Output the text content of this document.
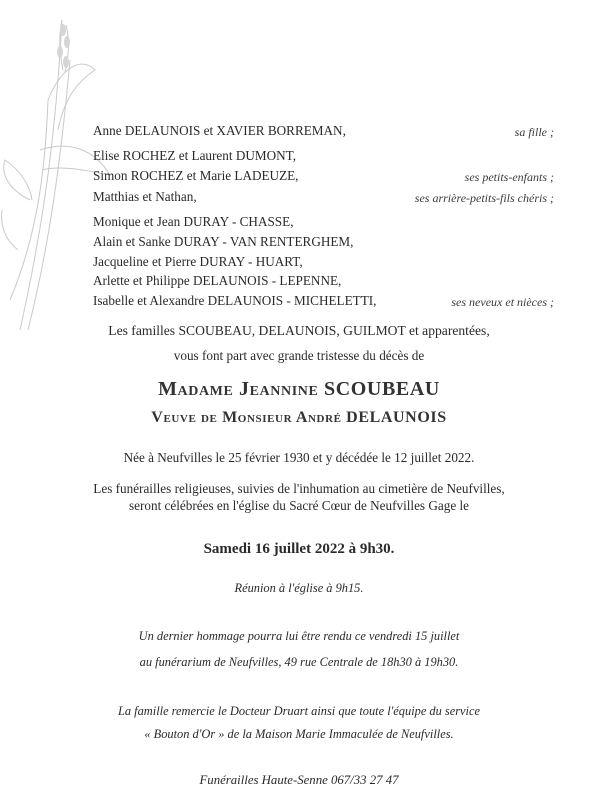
Anne DELAUNOIS et XAVIER BORREMAN,	sa fille ;
Elise ROCHEZ et Laurent DUMONT,
Simon ROCHEZ et Marie LADEUZE,	ses petits-enfants ;
Matthias et Nathan,	ses arrière-petits-fils chéris ;
Monique et Jean DURAY - CHASSE,
Alain et Sanke DURAY - VAN RENTERGHEM,
Jacqueline et Pierre DURAY - HUART,
Arlette et Philippe DELAUNOIS - LEPENNE,
Isabelle et Alexandre DELAUNOIS - MICHELETTI,	ses neveux et nièces ;
Les familles SCOUBEAU, DELAUNOIS, GUILMOT et apparentées,
vous font part avec grande tristesse du décès de
Madame Jeannine SCOUBEAU
Veuve de Monsieur André DELAUNOIS
Née à Neufvilles le 25 février 1930 et y décédée le 12 juillet 2022.
Les funérailles religieuses, suivies de l'inhumation au cimetière de Neufvilles,
seront célébrées en l'église du Sacré Cœur de Neufvilles Gage le
Samedi 16 juillet 2022 à 9h30.
Réunion à l'église à 9h15.
Un dernier hommage pourra lui être rendu ce vendredi 15 juillet
au funérarium de Neufvilles, 49 rue Centrale de 18h30 à 19h30.
La famille remercie le Docteur Druart ainsi que toute l'équipe du service
« Bouton d'Or » de la Maison Marie Immaculée de Neufvilles.
Funérailles Haute-Senne 067/33 27 47
